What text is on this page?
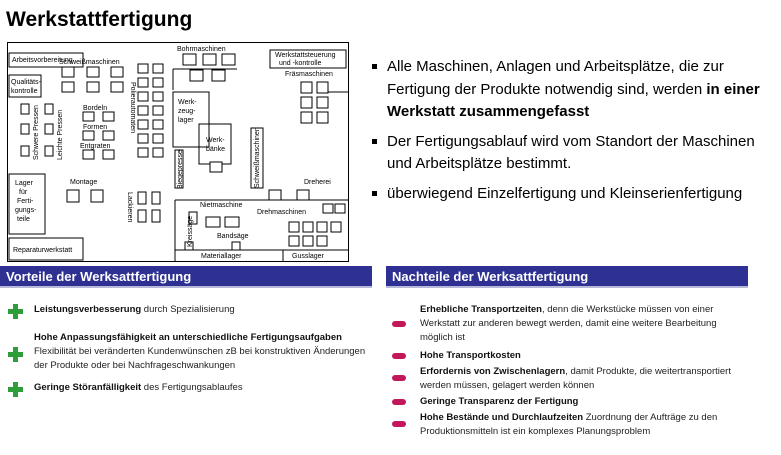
Werkstattfertigung
Arbeitsvorbereitung
Bohrmaschinen
Werkstattsteuerung
und -kontrolle
Fräsmaschinen
Qualitäts-
kontrolle
Schweißmaschinen
Schwere Pressen Leichte Pressen
Bordeln
Formen
Entgraten
Polierautomaten	Werk-
zeug-
lager
Werk-
bänke
Biegepresse	Schweißmaschinen
Montage	Dreherei
Lager
für
Ferti-
gungs-
teile	Lackieren	Nietmaschine
Drehmaschinen
Kreissäge	Bandsäge
Reparaturwerkstatt
Materiallager	Gusslager
Alle Maschinen, Anlagen und Arbeitsplätze, die zur Fertigung der Produkte notwendig sind, werden in einer Werkstatt zusammengefasst
Der Fertigungsablauf wird vom Standort der Maschinen und Arbeitsplätze bestimmt.
überwiegend Einzelfertigung und Kleinserienfertigung
Vorteile der Werksattfertigung	Nachteile der Werksattfertigung
Leistungsverbesserung durch Spezialisierung
Hohe Anpassungsfähigkeit an unterschiedliche Fertigungsaufgaben Flexibilität bei veränderten Kundenwünschen zB bei konstruktiven Änderungen der Produkte oder bei Nachfrageschwankungen
Geringe Störanfälligkeit des Fertigungsablaufes
Erhebliche Transportzeiten, denn die Werkstücke müssen von einer Werkstatt zur anderen bewegt werden, damit eine weitere Bearbeitung möglich ist
Hohe Transportkosten
Erfordernis von Zwischenlagern, damit Produkte, die weitertransportiert werden müssen, gelagert werden können
Geringe Transparenz der Fertigung
Hohe Bestände und Durchlaufzeiten Zuordnung der Aufträge zu den Produktionsmitteln ist ein komplexes Planungsproblem
